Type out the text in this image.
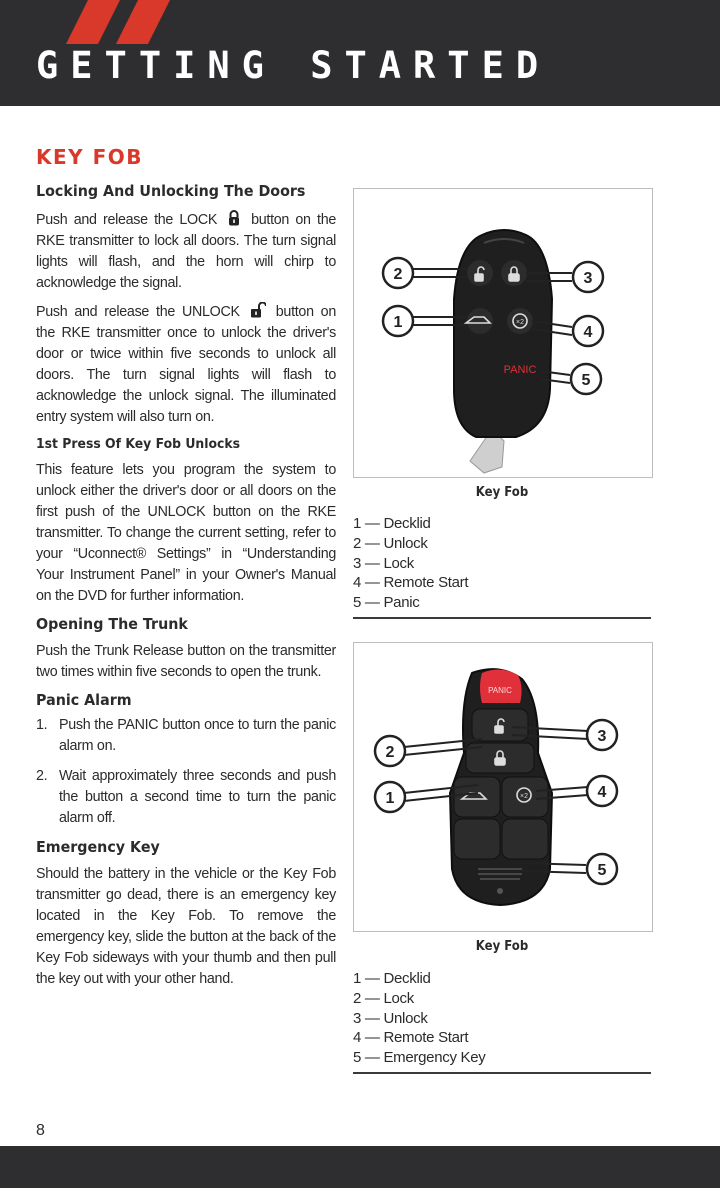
GETTING STARTED
KEY FOB
Locking And Unlocking The Doors

Push and release the LOCK button on the RKE transmitter to lock all doors. The turn signal lights will flash, and the horn will chirp to acknowledge the signal.

Push and release the UNLOCK	button on the RKE transmitter once to unlock the driver's door or twice within five seconds to unlock all doors. The turn signal lights will flash to acknowledge the unlock signal. The illuminated entry system will also turn on.

1st Press Of Key Fob Unlocks

This feature lets you program the system to unlock either the driver's door or all doors on the first push of the UNLOCK button on the RKE transmitter. To change the current setting, refer to your “Uconnect® Settings” in “Understanding Your Instrument Panel” in your Owner's Manual on the DVD for further information.

Opening The Trunk

Push the Trunk Release button on the transmitter two times within five seconds to open the trunk.

Panic Alarm
1. Push the PANIC button once to turn the panic alarm on.
2. Wait approximately three seconds and push the button a second time to turn the panic alarm off.
Emergency Key

Should the battery in the vehicle or the Key Fob transmitter go dead, there is an emergency key located in the Key Fob. To remove the emergency key, slide the button at the back of the Key Fob sideways with your thumb and then pull the key out with your other hand.

×2
PANIC
2
1
3
4
5
Key Fob
1 — Decklid
2 — Unlock
3 — Lock
4 — Remote Start
5 — Panic
PANIC
×2
2
1
3
4
5
Key Fob
1 — Decklid
2 — Lock
3 — Unlock
4 — Remote Start
5 — Emergency Key
8
